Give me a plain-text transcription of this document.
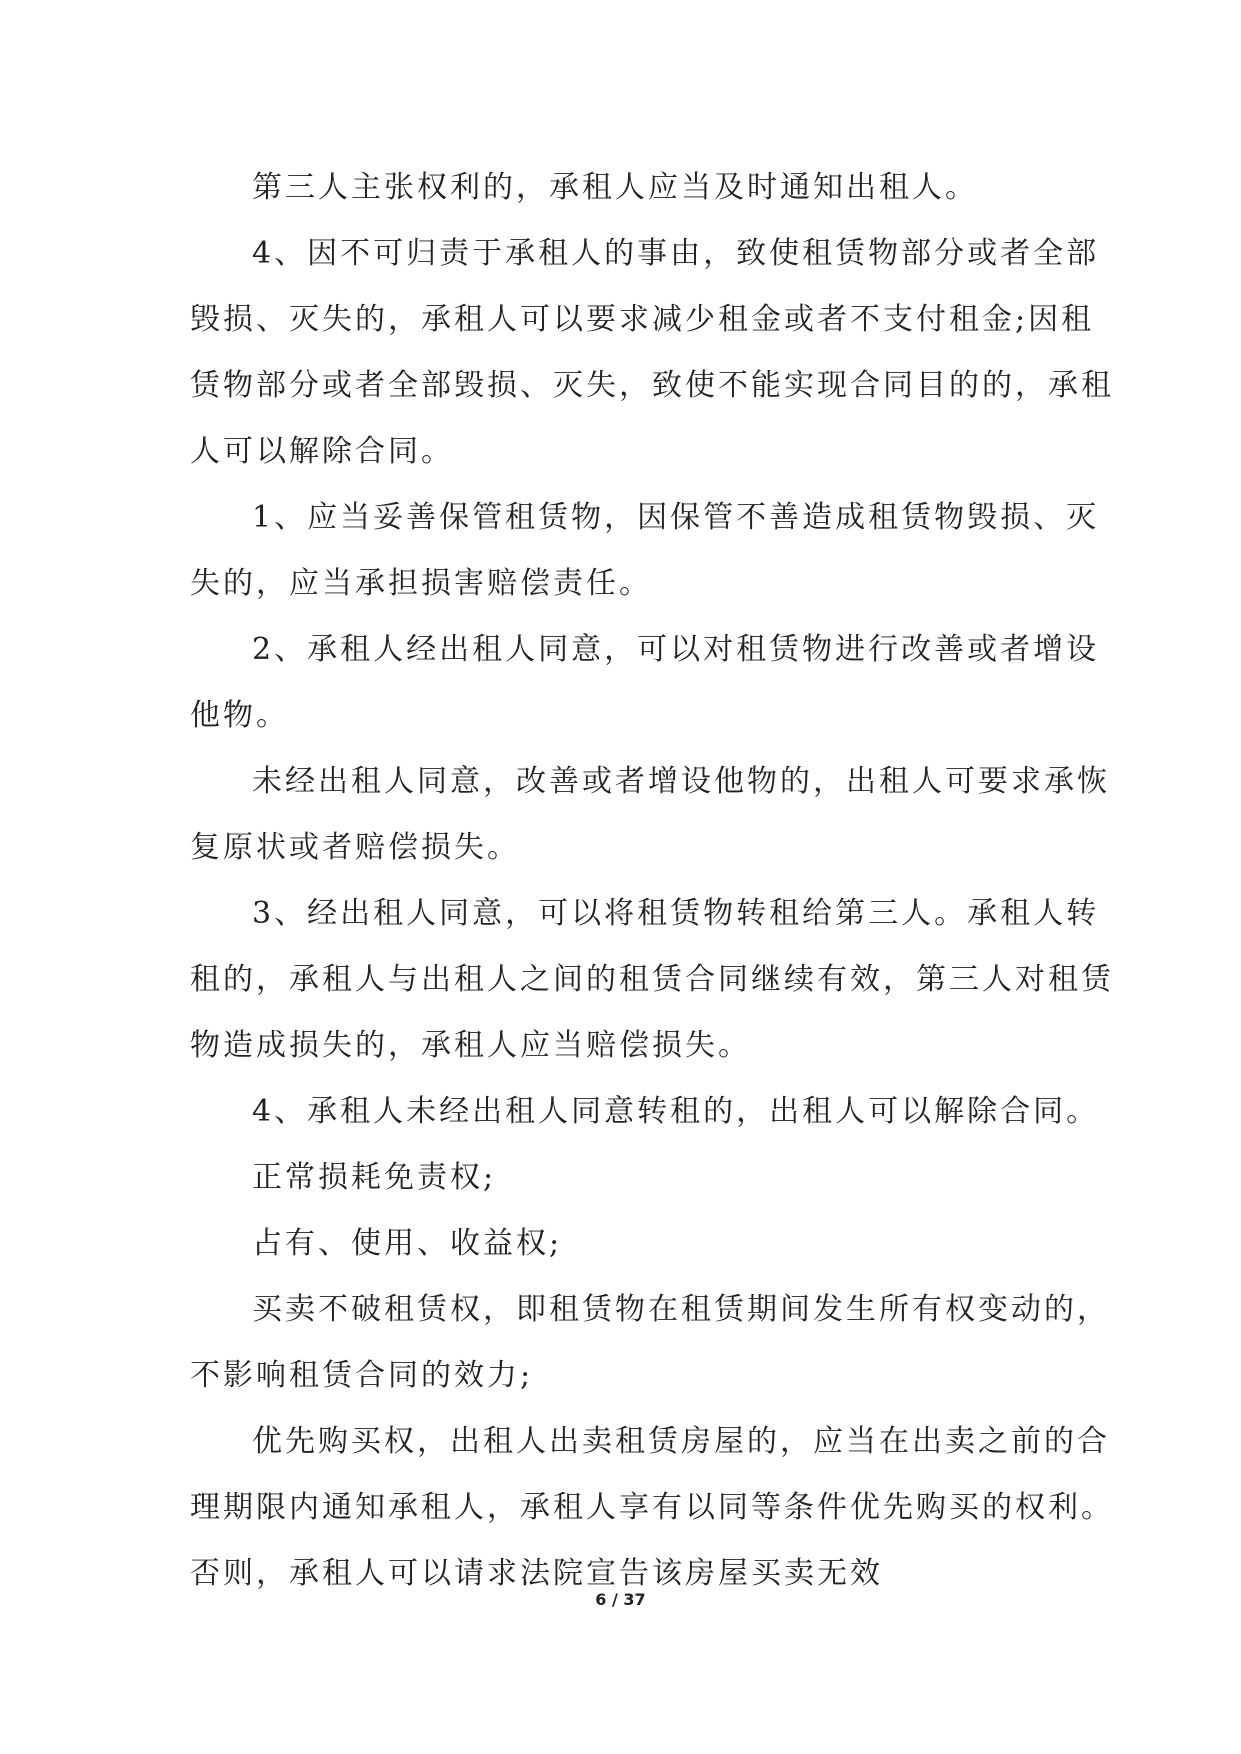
第三人主张权利的，承租人应当及时通知出租人。
4、因不可归责于承租人的事由，致使租赁物部分或者全部
毁损、灭失的，承租人可以要求减少租金或者不支付租金;因租
赁物部分或者全部毁损、灭失，致使不能实现合同目的的，承租
人可以解除合同。
1、应当妥善保管租赁物，因保管不善造成租赁物毁损、灭
失的，应当承担损害赔偿责任。
2、承租人经出租人同意，可以对租赁物进行改善或者增设
他物。
未经出租人同意，改善或者增设他物的，出租人可要求承恢
复原状或者赔偿损失。
3、经出租人同意，可以将租赁物转租给第三人。承租人转
租的，承租人与出租人之间的租赁合同继续有效，第三人对租赁
物造成损失的，承租人应当赔偿损失。
4、承租人未经出租人同意转租的，出租人可以解除合同。
正常损耗免责权;
占有、使用、收益权;
买卖不破租赁权，即租赁物在租赁期间发生所有权变动的，
不影响租赁合同的效力;
优先购买权，出租人出卖租赁房屋的，应当在出卖之前的合
理期限内通知承租人，承租人享有以同等条件优先购买的权利。
否则，承租人可以请求法院宣告该房屋买卖无效
6 / 37
